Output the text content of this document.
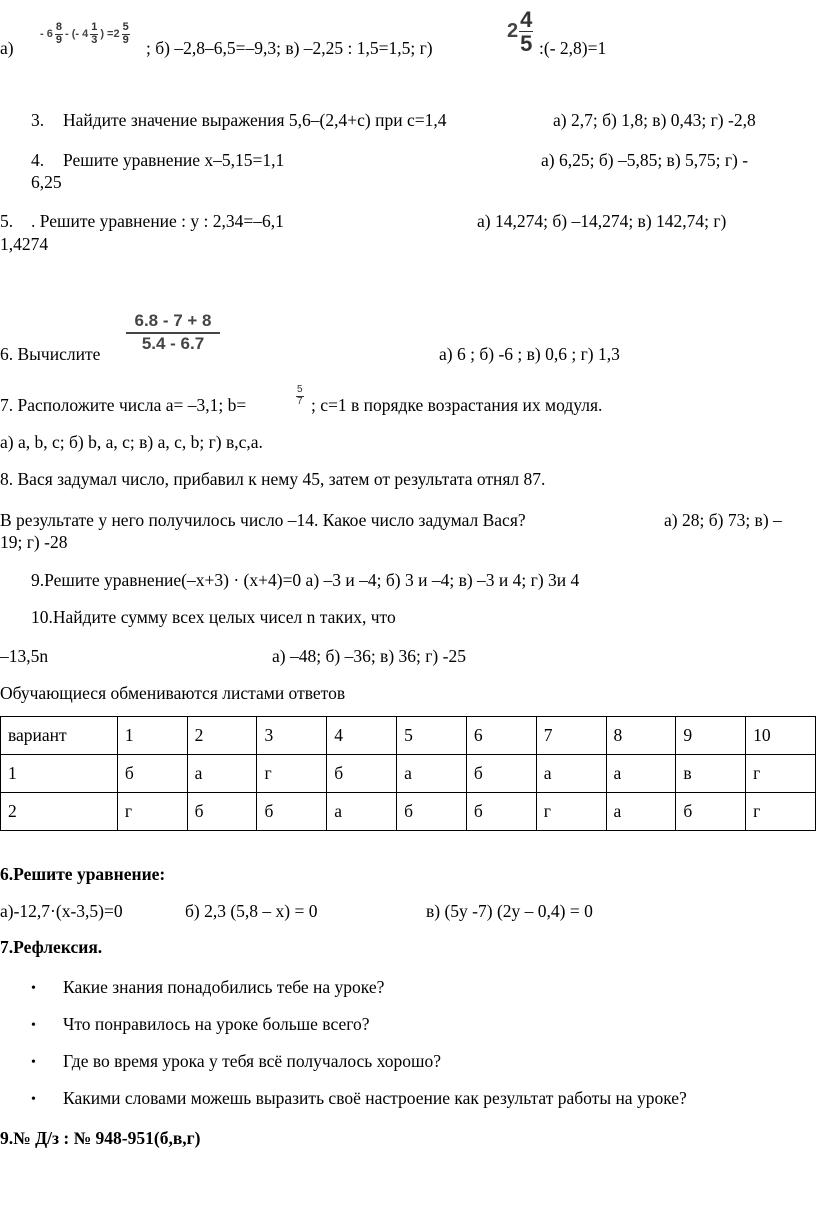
а)
- $6 \frac{8}{9}$ - (- $4 \frac{1}{3}$ ) $=2 \frac{5}{9}$
; б) –2,8–6,5=–9,3; в) –2,25 : 1,5=1,5; г)
$2 \frac{4}{5}$ :(- 2,8)=1
3. Найдите значение выражения 5,6–(2,4+с) при с=1,4	а) 2,7; б) 1,8; в) 0,43; г) -2,8
4. Решите уравнение х–5,15=1,1	а) 6,25; б) –5,85; в) 5,75; г) -
6,25
5. . Решите уравнение : у : 2,34=–6,1	а) 14,274; б) –14,274; в) 142,74; г)
1,4274
$\frac{6.8 - 7 + 8}{5.4 - 6.7}$
6. Вычислите	а) 6 ; б) -6 ; в) 0,6 ; г) 1,3
7. Расположите числа а= –3,1; b=	$\frac{5}{7}$ ; с=1 в порядке возрастания их модуля.
а) а, b, с; б) b, а, с; в) а, с, b; г) в,с,а.
8. Вася задумал число, прибавил к нему 45, затем от результата отнял 87.
В результате у него получилось число –14. Какое число задумал Вася?	а) 28; б) 73; в) –
19; г) -28
9.Решите уравнение(–х+3) · (х+4)=0 а) –3 и –4; б) 3 и –4; в) –3 и 4; г) 3и 4
10.Найдите сумму всех целых чисел n таких, что
–13,5n	а) –48; б) –36; в) 36; г) -25
Обучающиеся обмениваются листами ответов
вариант	1	2	3	4	5	6	7	8	9	10
1	б	а	г	б	а	б	а	а	в	г
2	г	б	б	а	б	б	г	а	б	г
6.Решите уравнение:
а)-12,7·(х-3,5)=0	б) 2,3 (5,8 – х) = 0	в) (5у -7) (2у – 0,4) = 0
7.Рефлексия.
• Какие знания понадобились тебе на уроке?
• Что понравилось на уроке больше всего?
• Где во время урока у тебя всё получалось хорошо?
• Какими словами можешь выразить своё настроение как результат работы на уроке?
9.№ Д/з : № 948-951(б,в,г)
